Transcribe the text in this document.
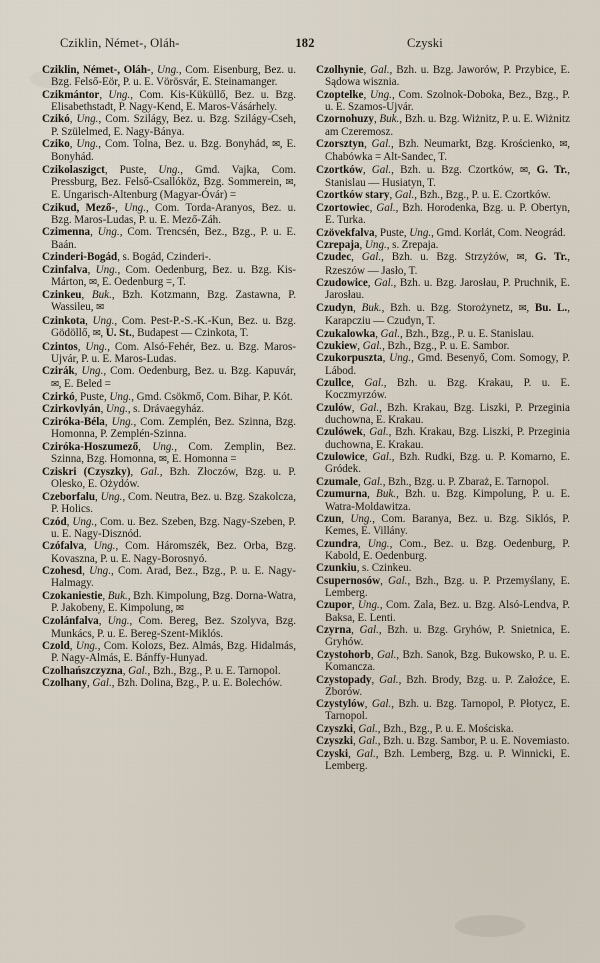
Cziklin, Német-, Oláh-	182	Czyski

Cziklin, Német-, Oláh-, Ung., Com. Eisenburg, Bez. u. Bzg. Felső-Eör, P. u. E. Vörösvár, E. Steinamanger.

Czikmántor, Ung., Com. Kis-Küküllő, Bez. u. Bzg. Elisabethstadt, P. Nagy-Kend, E. Maros-Vásárhely.

Czikó, Ung., Com. Szilágy, Bez. u. Bzg. Szilágy-Cseh, P. Szülelmed, E. Nagy-Bánya.

Cziko, Ung., Com. Tolna, Bez. u. Bzg. Bonyhád, ✉, E. Bonyhád.

Czikolaszigct, Puste, Ung., Gmd. Vajka, Com. Pressburg, Bez. Felső-Csallóköz, Bzg. Sommerein, ✉, E. Ungarisch-Altenburg (Magyar-Óvár) =

Czikud, Mező-, Ung., Com. Torda-Aranyos, Bez. u. Bzg. Maros-Ludas, P. u. E. Mező-Záh.

Czimenna, Ung., Com. Trencsén, Bez., Bzg., P. u. E. Baán.

Czinderi-Bogád, s. Bogád, Czinderi-.

Czinfalva, Ung., Com. Oedenburg, Bez. u. Bzg. Kis-Márton, ✉, E. Oedenburg =, T.

Czinkeu, Buk., Bzh. Kotzmann, Bzg. Zastawna, P. Wassileu, ✉

Czinkota, Ung., Com. Pest-P.-S.-K.-Kun, Bez. u. Bzg. Gödöllő, ✉, U. St., Budapest — Czinkota, T.

Czintos, Ung., Com. Alsó-Fehér, Bez. u. Bzg. Maros-Ujvár, P. u. E. Maros-Ludas.

Czirák, Ung., Com. Oedenburg, Bez. u. Bzg. Kapuvár, ✉, E. Beled =

Czirkó, Puste, Ung., Gmd. Csökmő, Com. Bihar, P. Kót.

Czirkovlyán, Ung., s. Drávaegyház.

Cziróka-Béla, Ung., Com. Zemplén, Bez. Szinna, Bzg. Homonna, P. Zemplén-Szinna.

Cziróka-Hoszumező, Ung., Com. Zemplin, Bez. Szinna, Bzg. Homonna, ✉, E. Homonna =

Cziskri (Czyszky), Gal., Bzh. Złoczów, Bzg. u. P. Olesko, E. Ożydów.

Czeborfalu, Ung., Com. Neutra, Bez. u. Bzg. Szakolcza, P. Holics.

Czód, Ung., Com. u. Bez. Szeben, Bzg. Nagy-Szeben, P. u. E. Nagy-Disznód.

Czófalva, Ung., Com. Háromszék, Bez. Orba, Bzg. Kovaszna, P. u. E. Nagy-Borosnyó.

Czohesd, Ung., Com. Arad, Bez., Bzg., P. u. E. Nagy-Halmagy.

Czokaniestie, Buk., Bzh. Kimpolung, Bzg. Dorna-Watra, P. Jakobeny, E. Kimpolung, ✉

Czolánfalva, Ung., Com. Bereg, Bez. Szolyva, Bzg. Munkács, P. u. E. Bereg-Szent-Miklós.

Czold, Ung., Com. Kolozs, Bez. Almás, Bzg. Hidalmás, P. Nagy-Almás, E. Bánffy-Hunyad.

Czolhańszczyzna, Gal., Bzh., Bzg., P. u. E. Tarnopol.

Czolhany, Gal., Bzh. Dolina, Bzg., P. u. E. Bolechów.

Czolhynie, Gal., Bzh. u. Bzg. Jaworów, P. Przybice, E. Sądowa wisznia.

Czoptelke, Ung., Com. Szolnok-Doboka, Bez., Bzg., P. u. E. Szamos-Ujvár.

Czornohuzy, Buk., Bzh. u. Bzg. Wiżnitz, P. u. E. Wiżnitz am Czeremosz.

Czorsztyn, Gal., Bzh. Neumarkt, Bzg. Krościenko, ✉, Chabówka = Alt-Sandec, T.

Czortków, Gal., Bzh. u. Bzg. Czortków, ✉, G. Tr., Stanislau — Husiatyn, T.

Czortków stary, Gal., Bzh., Bzg., P. u. E. Czortków.

Czortowiec, Gal., Bzh. Horodenka, Bzg. u. P. Obertyn, E. Turka.

Czövekfalva, Puste, Ung., Gmd. Korlát, Com. Neográd.

Czrepaja, Ung., s. Zrepaja.

Czudec, Gal., Bzh. u. Bzg. Strzyżów, ✉, G. Tr., Rzeszów — Jasło, T.

Czudowice, Gal., Bzh. u. Bzg. Jarosłau, P. Pruchnik, E. Jarosłau.

Czudyn, Buk., Bzh. u. Bzg. Storożynetz, ✉, Bu. L., Karapcziu — Czudyn, T.

Czukalowka, Gal., Bzh., Bzg., P. u. E. Stanislau.

Czukiew, Gal., Bzh., Bzg., P. u. E. Sambor.

Czukorpuszta, Ung., Gmd. Besenyő, Com. Somogy, P. Lábod.

Czullce, Gal., Bzh. u. Bzg. Krakau, P. u. E. Koczmyrzów.

Czulów, Gal., Bzh. Krakau, Bzg. Liszki, P. Przeginia duchowna, E. Krakau.

Czulówek, Gal., Bzh. Krakau, Bzg. Liszki, P. Przeginia duchowna, E. Krakau.

Czulowice, Gal., Bzh. Rudki, Bzg. u. P. Komarno, E. Gródek.

Czumale, Gal., Bzh., Bzg. u. P. Zbaraż, E. Tarnopol.

Czumurna, Buk., Bzh. u. Bzg. Kimpolung, P. u. E. Watra-Moldawitza.

Czun, Ung., Com. Baranya, Bez. u. Bzg. Siklós, P. Kemes, E. Villány.

Czundra, Ung., Com., Bez. u. Bzg. Oedenburg, P. Kabold, E. Oedenburg.

Czunkiu, s. Czinkeu.

Csupernosów, Gal., Bzh., Bzg. u. P. Przemyślany, E. Lemberg.

Czupor, Ung., Com. Zala, Bez. u. Bzg. Alsó-Lendva, P. Baksa, E. Lenti.

Czyrna, Gal., Bzh. u. Bzg. Gryhów, P. Snietnica, E. Gryhów.

Czystohorb, Gal., Bzh. Sanok, Bzg. Bukowsko, P. u. E. Komancza.

Czystopady, Gal., Bzh. Brody, Bzg. u. P. Załoźce, E. Zborów.

Czystylów, Gal., Bzh. u. Bzg. Tarnopol, P. Płotycz, E. Tarnopol.

Czyszki, Gal., Bzh., Bzg., P. u. E. Mościska.

Czyszki, Gal., Bzh. u. Bzg. Sambor, P. u. E. Novemiasto.

Czyski, Gal., Bzh. Lemberg, Bzg. u. P. Winnicki, E. Lemberg.
